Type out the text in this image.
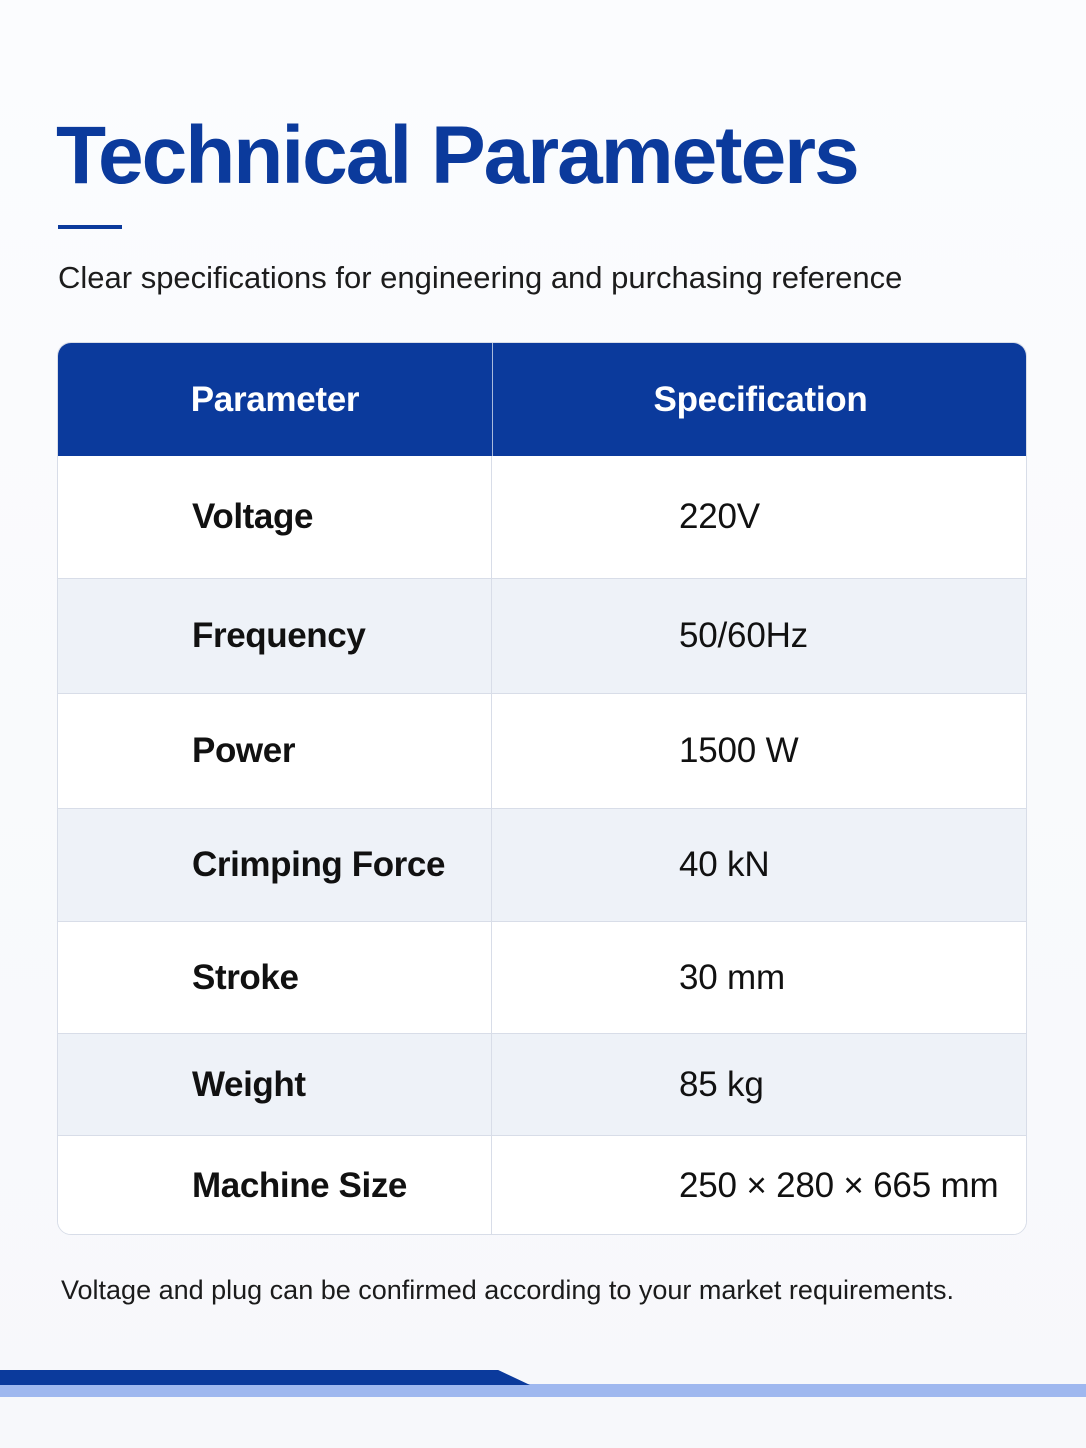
Technical Parameters

Clear specifications for engineering and purchasing reference

Parameter	Specification
Voltage	220V
Frequency	50/60Hz
Power	1500 W
Crimping Force	40 kN
Stroke	30 mm
Weight	85 kg
Machine Size	250 × 280 × 665 mm

Voltage and plug can be confirmed according to your market requirements.
